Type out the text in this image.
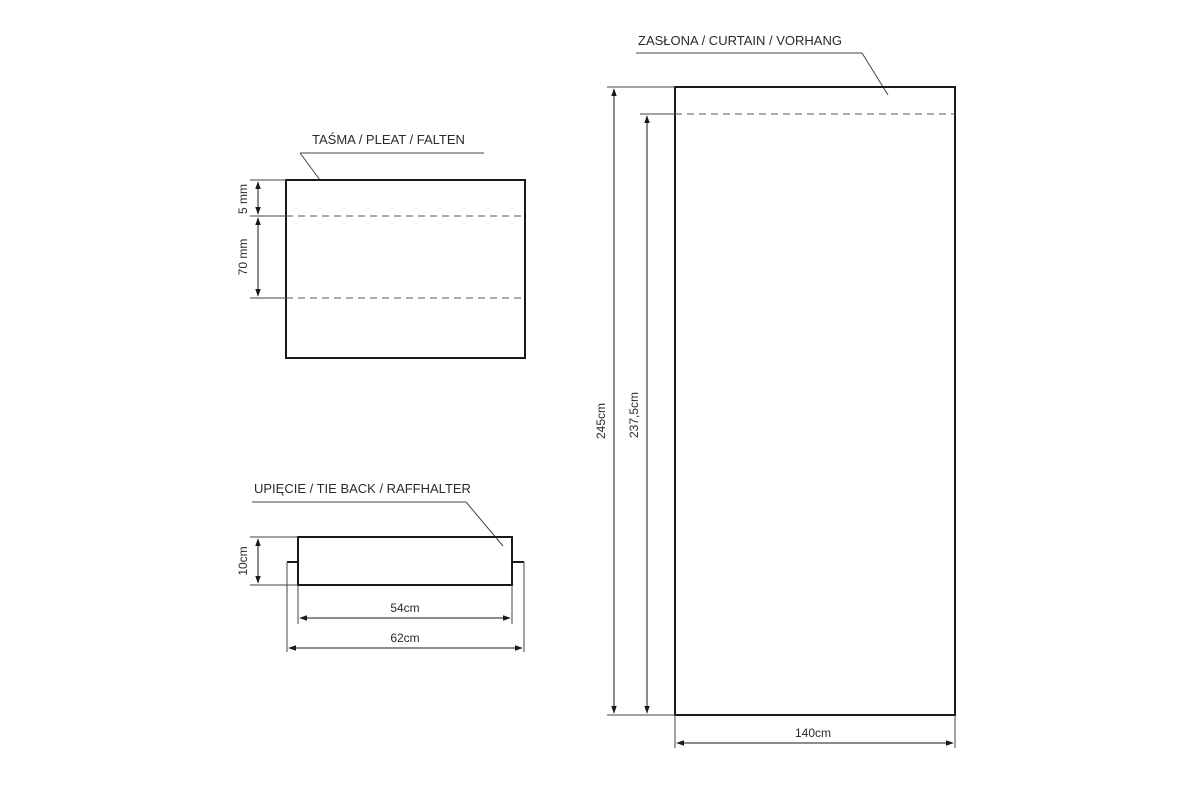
TAŚMA / PLEAT / FALTEN
5 mm
70 mm
UPIĘCIE / TIE BACK / RAFFHALTER
10cm
54cm
62cm
ZASŁONA / CURTAIN / VORHANG
245cm 237,5cm
140cm
